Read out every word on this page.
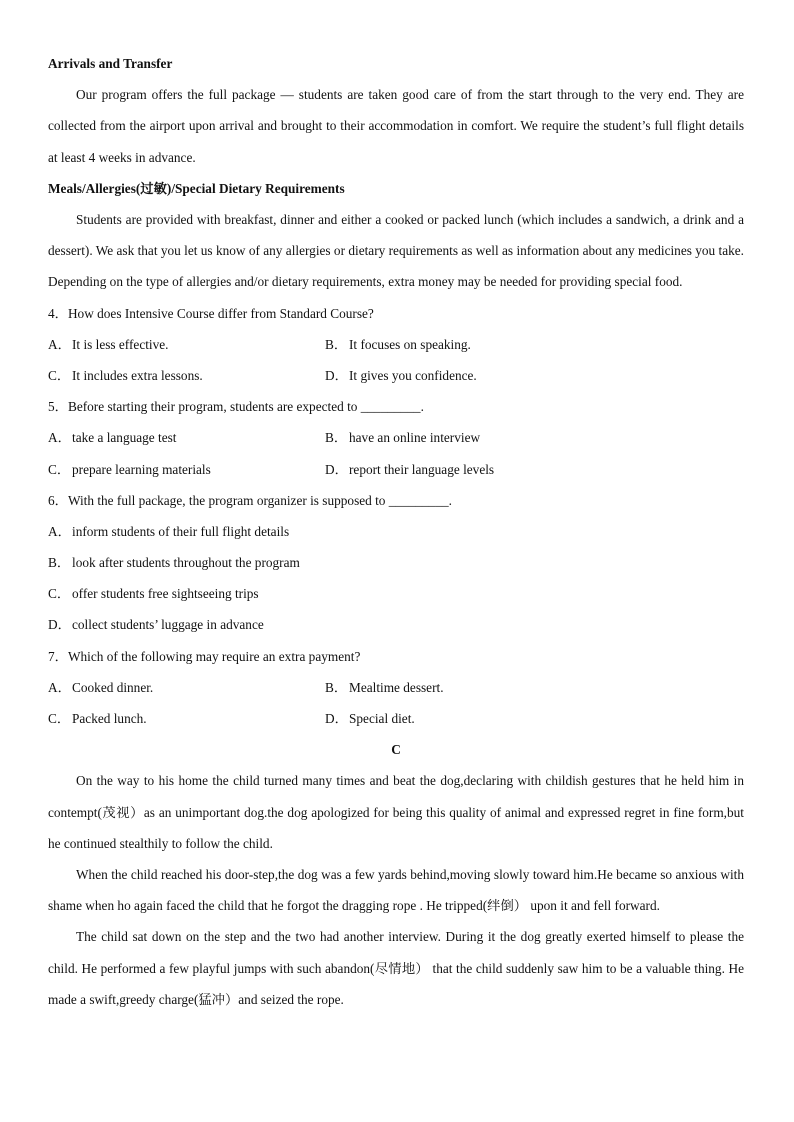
Arrivals and Transfer

Our program offers the full package — students are taken good care of from the start through to the very end. They are collected from the airport upon arrival and brought to their accommodation in comfort. We require the student’s full flight details at least 4 weeks in advance.

Meals/Allergies(过敏)/Special Dietary Requirements

Students are provided with breakfast, dinner and either a cooked or packed lunch (which includes a sandwich, a drink and a dessert). We ask that you let us know of any allergies or dietary requirements as well as information about any medicines you take. Depending on the type of allergies and/or dietary requirements, extra money may be needed for providing special food.

4．How does Intensive Course differ from Standard Course?
A．It is less effective.	B． It focuses on speaking.
C． It includes extra lessons.	D．It gives you confidence.
5．Before starting their program, students are expected to _________.
A．take a language test	B． have an online interview
C． prepare learning materials	D．report their language levels
6．With the full package, the program organizer is supposed to _________.
A．inform students of their full flight details
B． look after students throughout the program
C． offer students free sightseeing trips
D．collect students’ luggage in advance
7．Which of the following may require an extra payment?
A．Cooked dinner.	B． Mealtime dessert.
C． Packed lunch.	D．Special diet.
C

On the way to his home the child turned many times and beat the dog,declaring with childish gestures that he held him in contempt(茂视）as an unimportant dog.the dog apologized for being this quality of animal and expressed regret in fine form,but he continued stealthily to follow the child.

When the child reached his door-step,the dog was a few yards behind,moving slowly toward him.He became so anxious with shame when ho again faced the child that he forgot the dragging rope . He tripped(绊倒） upon it and fell forward.

The child sat down on the step and the two had another interview. During it the dog greatly exerted himself to please the child. He performed a few playful jumps with such abandon(尽情地） that the child suddenly saw him to be a valuable thing. He made a swift,greedy charge(猛冲）and seized the rope.
